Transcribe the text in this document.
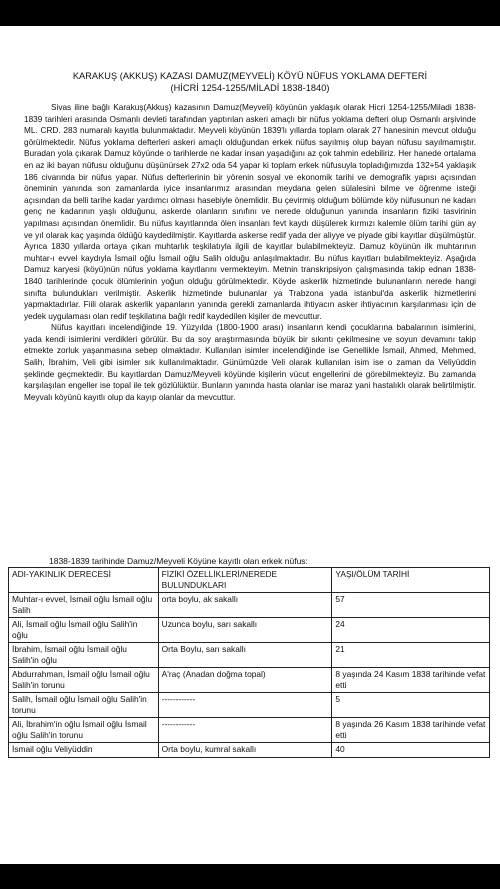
KARAKUŞ (AKKUŞ) KAZASI DAMUZ(MEYVELİ) KÖYÜ NÜFUS YOKLAMA DEFTERİ
(HİCRİ 1254-1255/MİLADİ 1838-1840)

Sivas iline bağlı Karakuş(Akkuş) kazasının Damuz(Meyveli) köyünün yaklaşık olarak Hicri 1254-1255/Miladi 1838-1839 tarihleri arasında Osmanlı devleti tarafından yaptırılan askeri amaçlı bir nüfus yoklama defteri olup Osmanlı arşivinde ML. CRD. 283 numaralı kayıtla bulunmaktadır. Meyveli köyünün 1839'lı yıllarda toplam olarak 27 hanesinin mevcut olduğu görülmektedir. Nüfus yoklama defterleri askeri amaçlı olduğundan erkek nüfus sayılmış olup bayan nüfusu sayılmamıştır. Buradan yola çıkarak Damuz köyünde o tarihlerde ne kadar insan yaşadığını az çok tahmin edebiliriz. Her hanede ortalama en az iki bayan nüfusu olduğunu düşünürsek 27x2 oda 54 yapar ki toplam erkek nüfusuyla topladığımızda 132+54 yaklaşık 186 civarında bir nüfus yapar. Nüfus defterlerinin bir yörenin sosyal ve ekonomik tarihi ve demografik yapısı açısından öneminin yanında son zamanlarda iyice insanlarımız arasından meydana gelen sülalesini bilme ve öğrenme isteği açısından da belli tarihe kadar yardımcı olması hasebiyle önemlidir. Bu çevirmiş olduğum bölümde köy nüfusunun ne kadarı genç ne kadarının yaşlı olduğunu, askerde olanların sınıfını ve nerede olduğunun yanında insanların fiziki tasvirinin yapılması açısından önemlidir. Bu nüfus kayıtlarında ölen insanları fevt kaydı düşülerek kırmızı kalemle ölüm tarihi gün ay ve yıl olarak kaç yaşında öldüğü kaydedilmiştir. Kayıtlarda askerse redif yada der aliyye ve piyade gibi kayıtlar düşülmüştür. Ayrıca 1830 yıllarda ortaya çıkan muhtarlık teşkilatıyla ilgili de kayıtlar bulabilmekteyiz. Damuz köyünün ilk muhtarının muhtar-ı evvel kaydıyla İsmail oğlu İsmail oğlu Salih olduğu anlaşılmaktadır. Bu nüfus kayıtları bulabilmekteyiz. Aşağıda Damuz karyesi (köyü)nün nüfus yoklama kayıtlarını vermekteyim. Metnin transkripsiyon çalışmasında takip ednan 1838-1840 tarihlerinde çocuk ölümlerinin yoğun olduğu görülmektedir. Köyde askerlik hizmetinde bulunanların nerede hangi sınıfta bulundukları verilmiştir. Askerlik hizmetinde bulunanlar ya Trabzona yada istanbul'da askerlik hizmetlerini yapmaktadırlar. Fiili olarak askerlik yapanların yanında gerekli zamanlarda ihtiyacın asker ihtiyacının karşılanması için de yedek uygulaması olan redif teşkilatına bağlı redif kaydedilen kişiler de mevcuttur.

Nüfus kayıtları incelendiğinde 19. Yüzyılda (1800-1900 arası) insanların kendi çocuklarına babalarının isimlerini, yada kendi isimlerini verdikleri görülür. Bu da soy araştırmasında büyük bir sıkıntı çekilmesine ve soyun devamını takip etmekte zorluk yaşanmasına sebep olmaktadır. Kullanılan isimler incelendiğinde ise Genellikle İsmail, Ahmed, Mehmed, Salih, İbrahim, Veli gibi isimler sık kullanılmaktadır. Günümüzde Veli olarak kullanılan isim ise o zaman da Veliyüddin şeklinde geçmektedir. Bu kayıtlardan Damuz/Meyveli köyünde kişilerin vücut engellerini de görebilmekteyiz. Bu zamanda karşılaşılan engeller ise topal ile tek gözlülüktür. Bunların yanında hasta olanlar ise maraz yani hastalıklı olarak belirtilmiştir. Meyvalı köyünü kayıtlı olup da kayıp olanlar da mevcuttur.

1838-1839 tarihinde Damuz/Meyveli Köyüne kayıtlı olan erkek nüfus:
ADI-YAKINLIK DERECESİ	FİZİKİ ÖZELLİKLERİ/NEREDE BULUNDUKLARI	YAŞI/ÖLÜM TARİHİ
Muhtar-ı evvel, İsmail oğlu İsmail oğlu Salih	orta boylu, ak sakallı	57
Ali, İsmail oğlu İsmail oğlu Salih'in oğlu	Uzunca boylu, sarı sakallı	24
İbrahim, İsmail oğlu İsmail oğlu Salih'in oğlu	Orta Boylu, sarı sakallı	21
Abdurrahman, İsmail oğlu İsmail oğlu Salih'in torunu	A'raç (Anadan doğma topal)	8 yaşında 24 Kasım 1838 tarihinde vefat etti
Salih, İsmail oğlu İsmail oğlu Salih'in torunu	------------	5
Ali, İbrahim'in oğlu İsmail oğlu İsmail oğlu Salih'in torunu	------------	8 yaşında 26 Kasım 1838 tarihinde vefat etti
İsmail oğlu Veliyüddin	Orta boylu, kumral sakallı	40
